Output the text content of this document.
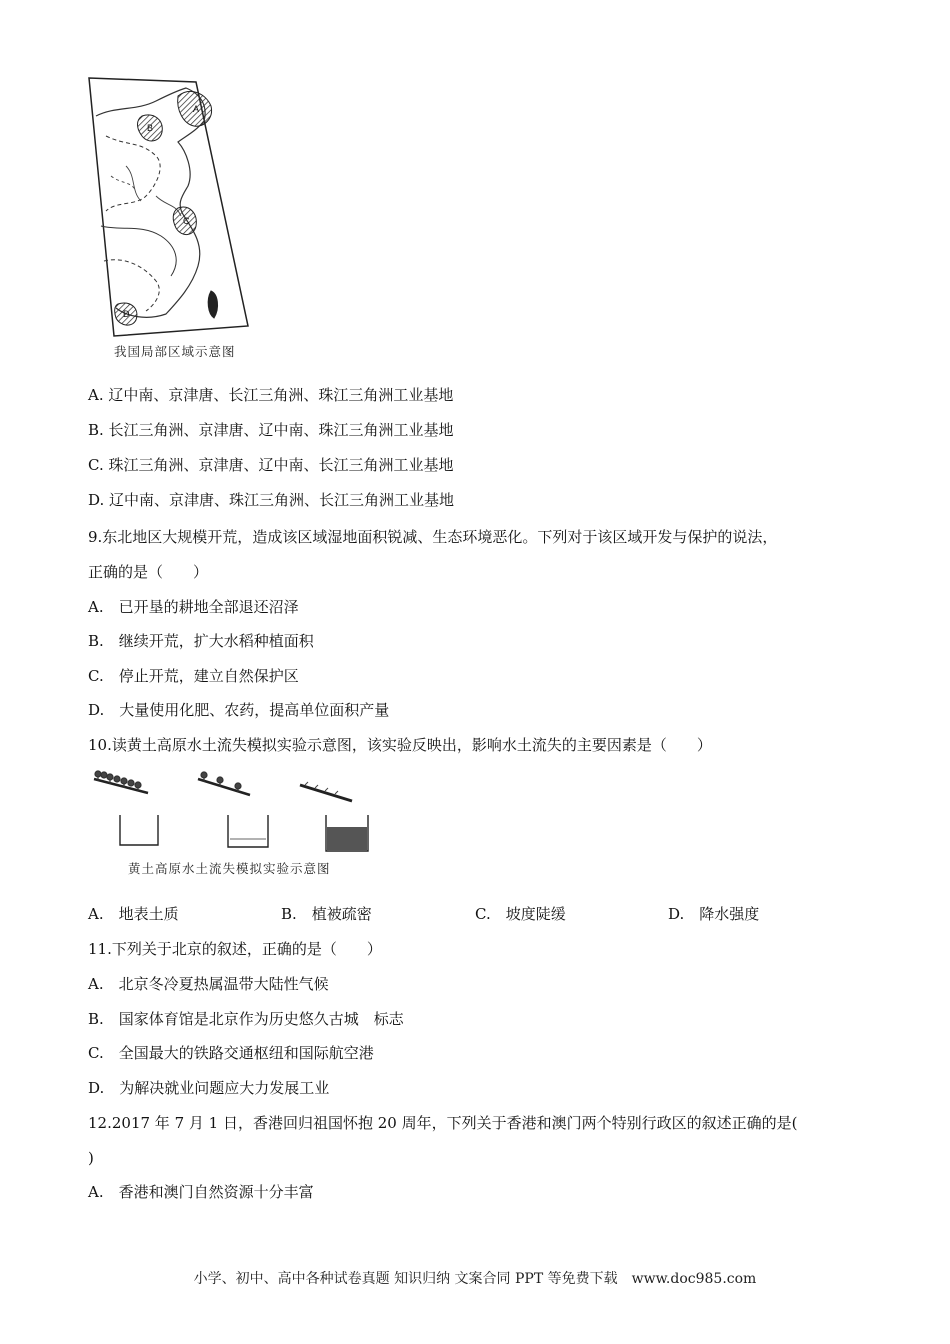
A
B
C
D
我国局部区域示意图
A. 辽中南、京津唐、长江三角洲、珠江三角洲工业基地
B. 长江三角洲、京津唐、辽中南、珠江三角洲工业基地
C. 珠江三角洲、京津唐、辽中南、长江三角洲工业基地
D. 辽中南、京津唐、珠江三角洲、长江三角洲工业基地
9.东北地区大规模开荒，造成该区域湿地面积锐减、生态环境恶化。下列对于该区域开发与保护的说法，
正确的是（　　）
A.　已开垦的耕地全部退还沼泽
B.　继续开荒，扩大水稻种植面积
C.　停止开荒，建立自然保护区
D.　大量使用化肥、农药，提高单位面积产量
10.读黄土高原水土流失模拟实验示意图，该实验反映出，影响水土流失的主要因素是（　　）
黄土高原水土流失模拟实验示意图
A.　地表土质	B.　植被疏密	C.　坡度陡缓	D.　降水强度
11.下列关于北京的叙述，正确的是（　　）
A.　北京冬冷夏热属温带大陆性气候
B.　国家体育馆是北京作为历史悠久古城　标志
C.　全国最大的铁路交通枢纽和国际航空港
D.　为解决就业问题应大力发展工业
12.2017 年 7 月 1 日，香港回归祖国怀抱 20 周年，下列关于香港和澳门两个特别行政区的叙述正确的是(
)
A.　香港和澳门自然资源十分丰富
小学、初中、高中各种试卷真题 知识归纳 文案合同 PPT 等免费下载　www.doc985.com
